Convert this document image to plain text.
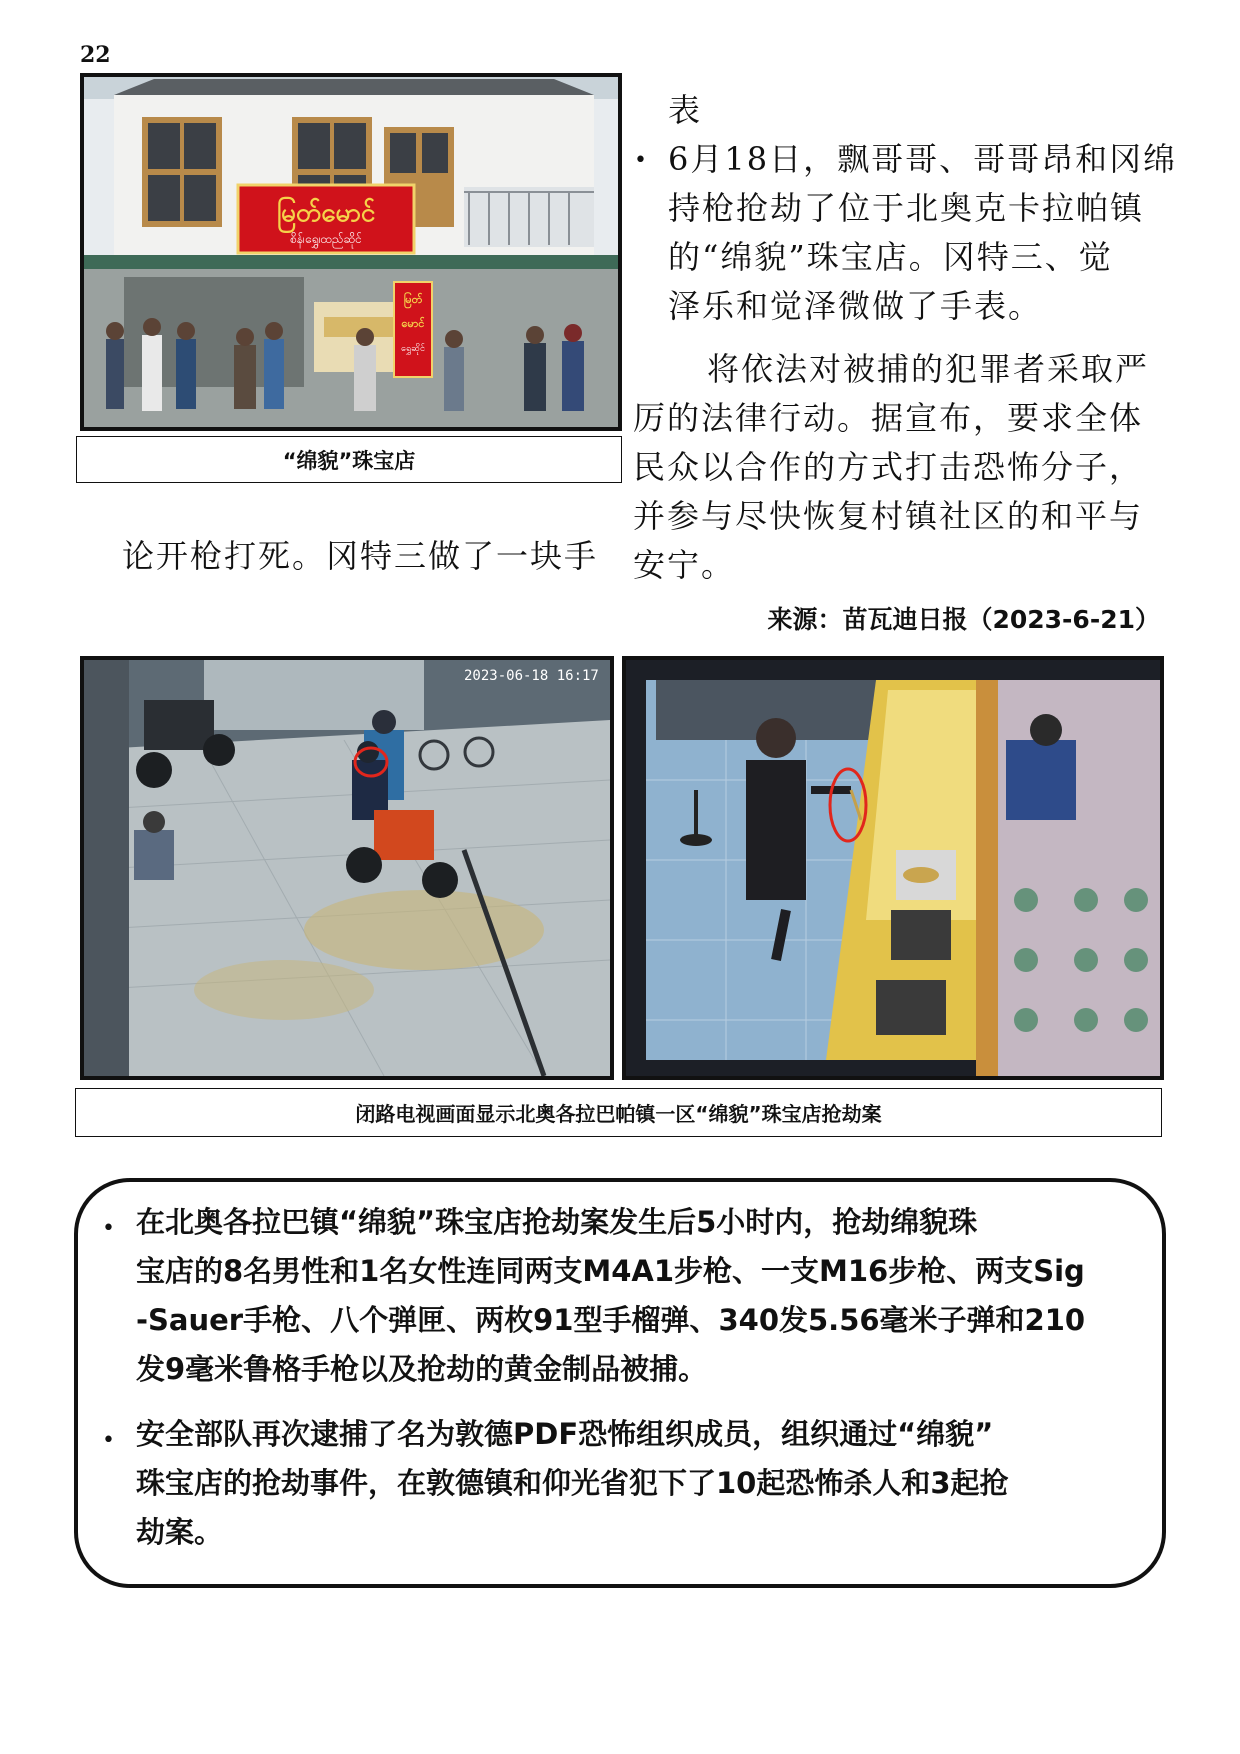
22
မြတ်မောင်
စိန်၊ရွှေ၊ထည်ဆိုင်
မြတ်
မောင်
ရွှေဆိုင်
“绵貌”珠宝店
论开枪打死。冈特三做了一块手
表
• 6月18日，飘哥哥、哥哥昂和冈绵
持枪抢劫了位于北奥克卡拉帕镇
的“绵貌”珠宝店。冈特三、觉
泽乐和觉泽微做了手表。
将依法对被捕的犯罪者采取严
厉的法律行动。据宣布，要求全体
民众以合作的方式打击恐怖分子，
并参与尽快恢复村镇社区的和平与
安宁。
来源：苗瓦迪日报（2023-6-21）
2023-06-18 16:17
闭路电视画面显示北奥各拉巴帕镇一区“绵貌”珠宝店抢劫案
• 在北奥各拉巴镇“绵貌”珠宝店抢劫案发生后5小时内，抢劫绵貌珠
宝店的8名男性和1名女性连同两支M4A1步枪、一支M16步枪、两支Sig
-Sauer手枪、八个弹匣、两枚91型手榴弹、340发5.56毫米子弹和210
发9毫米鲁格手枪以及抢劫的黄金制品被捕。
• 安全部队再次逮捕了名为敦德PDF恐怖组织成员，组织通过“绵貌”
珠宝店的抢劫事件，在敦德镇和仰光省犯下了10起恐怖杀人和3起抢
劫案。
